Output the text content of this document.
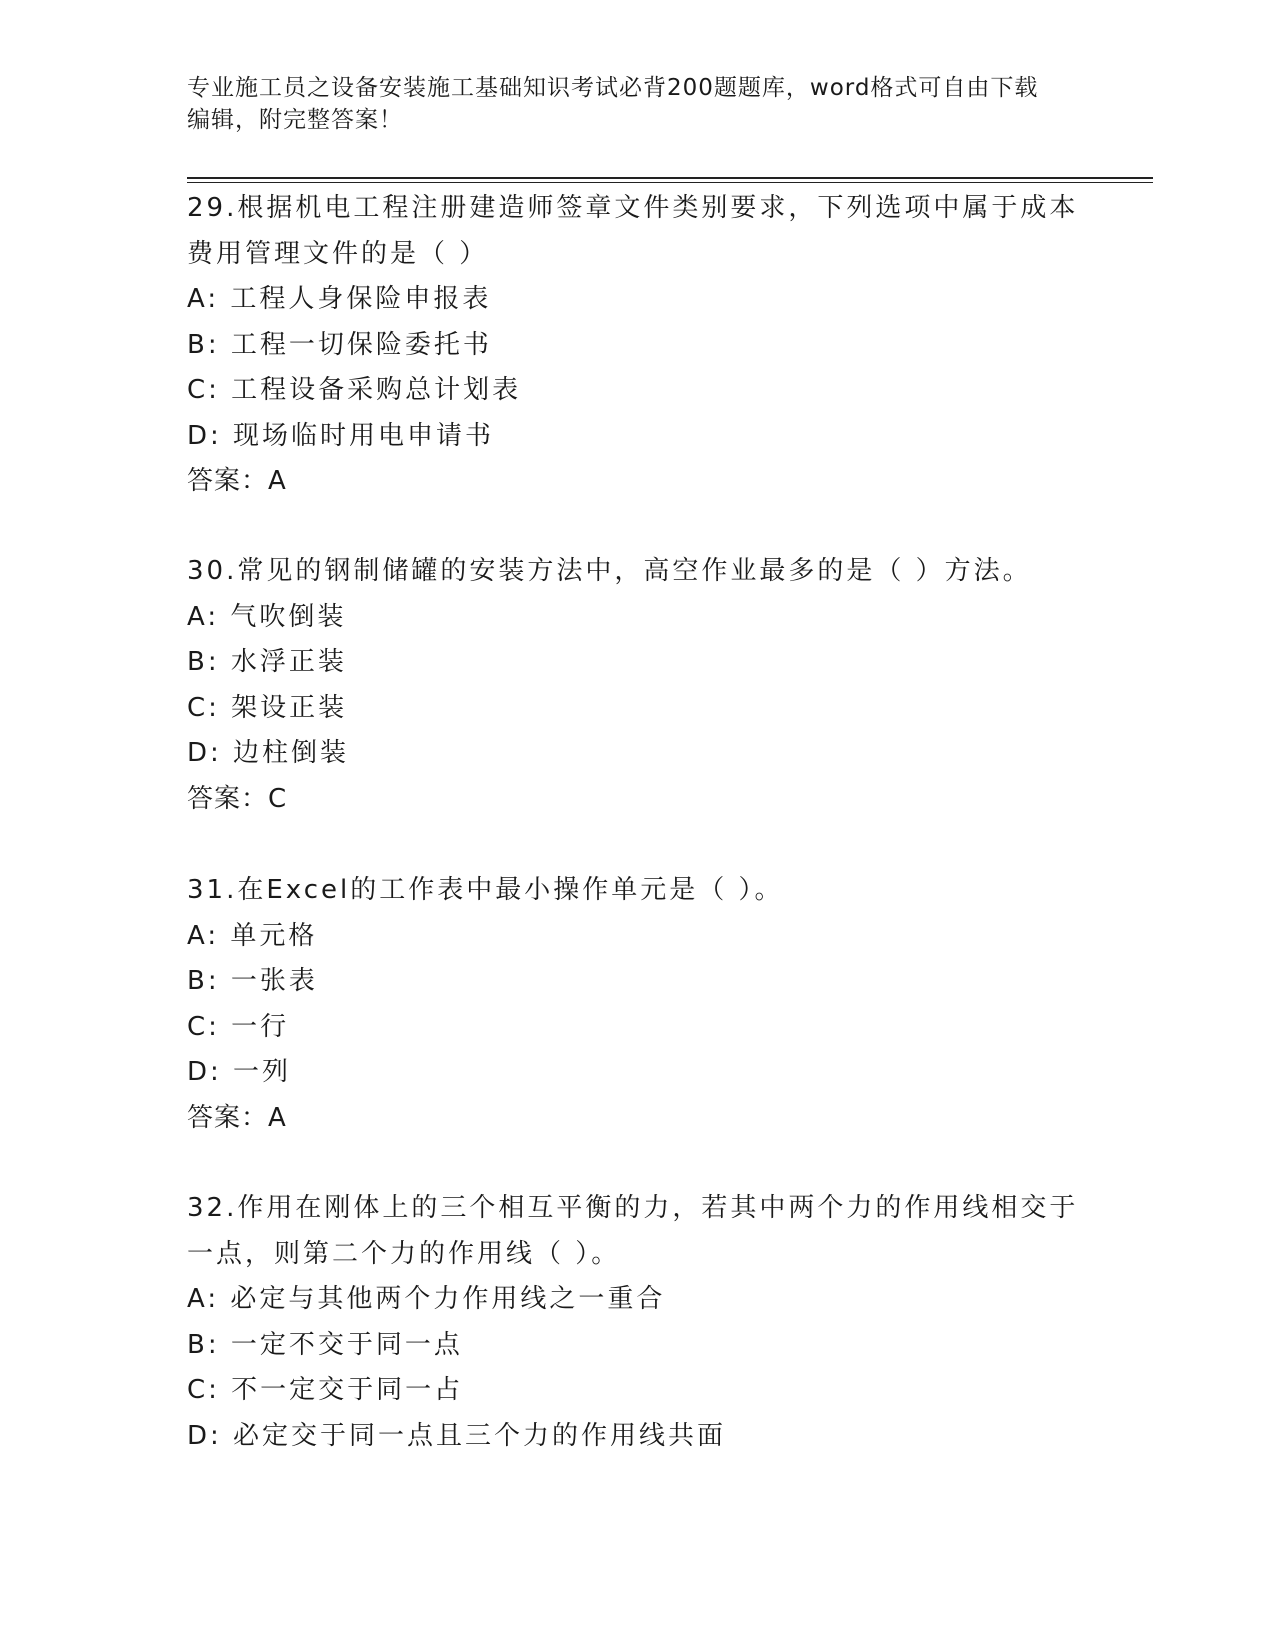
专业施工员之设备安装施工基础知识考试必背200题题库，word格式可自由下载

编辑，附完整答案！

29.根据机电工程注册建造师签章文件类别要求，下列选项中属于成本

费用管理文件的是（ ）

A: 工程人身保险申报表

B: 工程一切保险委托书

C: 工程设备采购总计划表

D: 现场临时用电申请书

答案：A

30.常见的钢制储罐的安装方法中，高空作业最多的是（ ）方法。

A: 气吹倒装

B: 水浮正装

C: 架设正装

D: 边柱倒装

答案：C

31.在Excel的工作表中最小操作单元是（ ）。

A: 单元格

B: 一张表

C: 一行

D: 一列

答案：A

32.作用在刚体上的三个相互平衡的力，若其中两个力的作用线相交于

一点，则第二个力的作用线（ ）。

A: 必定与其他两个力作用线之一重合

B: 一定不交于同一点

C: 不一定交于同一占

D: 必定交于同一点且三个力的作用线共面
